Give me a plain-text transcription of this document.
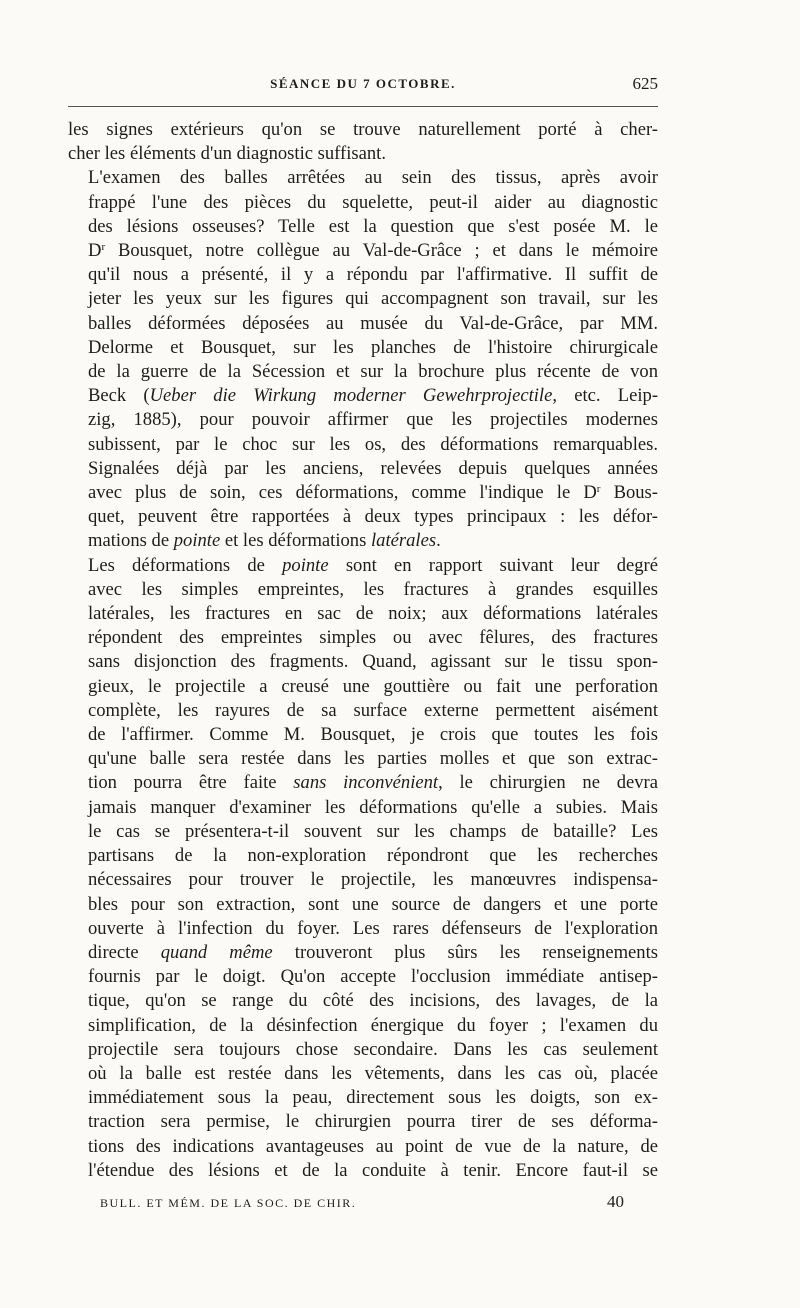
SÉANCE DU 7 OCTOBRE.	625

les signes extérieurs qu'on se trouve naturellement porté à cher-
cher les éléments d'un diagnostic suffisant.

L'examen des balles arrêtées au sein des tissus, après avoir
frappé l'une des pièces du squelette, peut-il aider au diagnostic
des lésions osseuses? Telle est la question que s'est posée M. le
$D^r$ Bousquet, notre collègue au Val-de-Grâce ; et dans le mémoire
qu'il nous a présenté, il y a répondu par l'affirmative. Il suffit de
jeter les yeux sur les figures qui accompagnent son travail, sur les
balles déformées déposées au musée du Val-de-Grâce, par MM.
Delorme et Bousquet, sur les planches de l'histoire chirurgicale
de la guerre de la Sécession et sur la brochure plus récente de von
Beck (Ueber die Wirkung moderner Gewehrprojectile, etc. Leip-
zig, 1885), pour pouvoir affirmer que les projectiles modernes
subissent, par le choc sur les os, des déformations remarquables.
Signalées déjà par les anciens, relevées depuis quelques années
avec plus de soin, ces déformations, comme l'indique le $D^r$ Bous-
quet, peuvent être rapportées à deux types principaux : les défor-
mations de pointe et les déformations latérales.

Les déformations de pointe sont en rapport suivant leur degré
avec les simples empreintes, les fractures à grandes esquilles
latérales, les fractures en sac de noix; aux déformations latérales
répondent des empreintes simples ou avec fêlures, des fractures
sans disjonction des fragments. Quand, agissant sur le tissu spon-
gieux, le projectile a creusé une gouttière ou fait une perforation
complète, les rayures de sa surface externe permettent aisément
de l'affirmer. Comme M. Bousquet, je crois que toutes les fois
qu'une balle sera restée dans les parties molles et que son extrac-
tion pourra être faite sans inconvénient, le chirurgien ne devra
jamais manquer d'examiner les déformations qu'elle a subies. Mais
le cas se présentera-t-il souvent sur les champs de bataille? Les
partisans de la non-exploration répondront que les recherches
nécessaires pour trouver le projectile, les manœuvres indispensa-
bles pour son extraction, sont une source de dangers et une porte
ouverte à l'infection du foyer. Les rares défenseurs de l'exploration
directe quand même trouveront plus sûrs les renseignements
fournis par le doigt. Qu'on accepte l'occlusion immédiate antisep-
tique, qu'on se range du côté des incisions, des lavages, de la
simplification, de la désinfection énergique du foyer ; l'examen du
projectile sera toujours chose secondaire. Dans les cas seulement
où la balle est restée dans les vêtements, dans les cas où, placée
immédiatement sous la peau, directement sous les doigts, son ex-
traction sera permise, le chirurgien pourra tirer de ses déforma-
tions des indications avantageuses au point de vue de la nature, de
l'étendue des lésions et de la conduite à tenir. Encore faut-il se

BULL. ET MÉM. DE LA SOC. DE CHIR.	40
